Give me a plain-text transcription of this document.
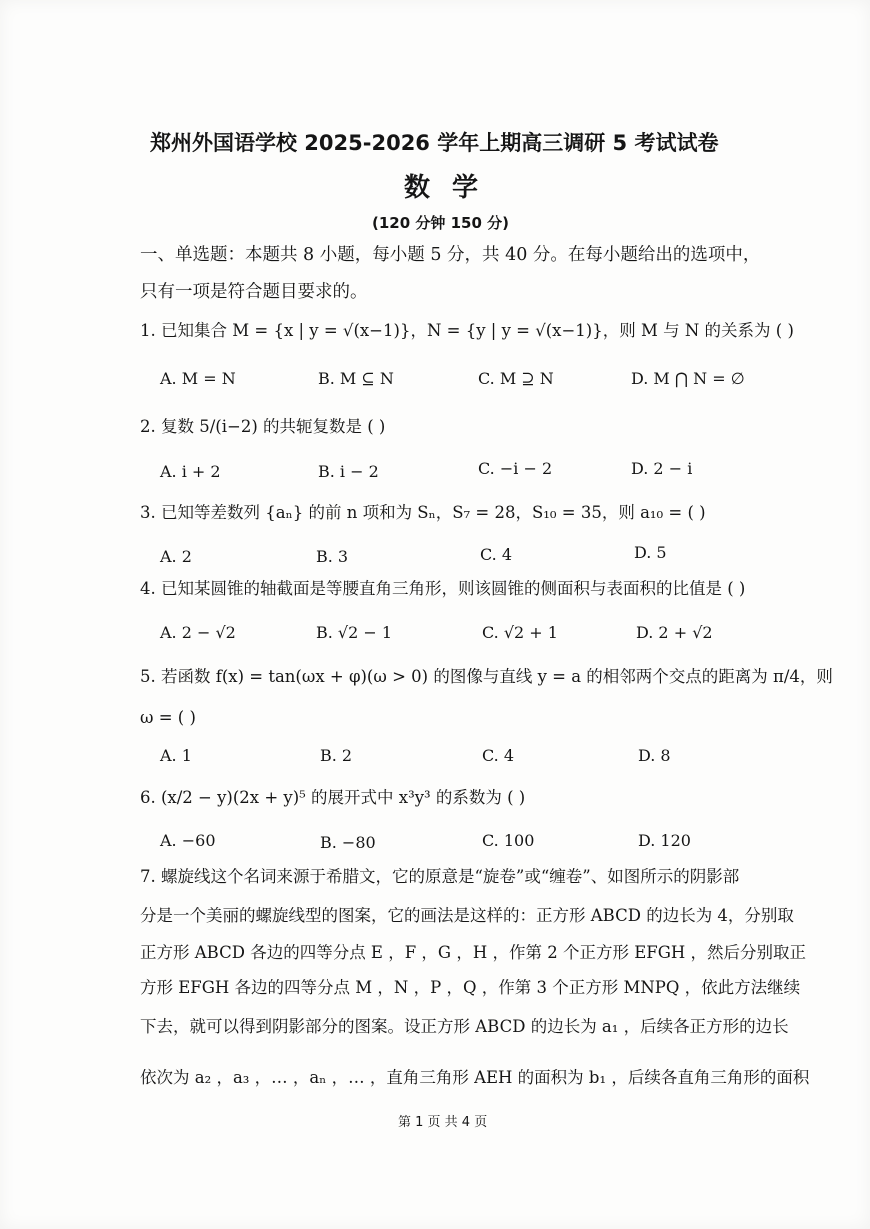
郑州外国语学校 2025-2026 学年上期高三调研 5 考试试卷
数学
(120 分钟 150 分)
一、单选题：本题共 8 小题，每小题 5 分，共 40 分。在每小题给出的选项中，
只有一项是符合题目要求的。
1. 已知集合 M = {x | y = √(x−1)}，N = {y | y = √(x−1)}，则 M 与 N 的关系为 ( )
A. M = N	B. M ⊆ N	C. M ⊇ N	D. M ⋂ N = ∅
2. 复数 5/(i−2) 的共轭复数是 ( )
A. i + 2	B. i − 2	C. −i − 2	D. 2 − i
3. 已知等差数列 {aₙ} 的前 n 项和为 Sₙ，S₇ = 28，S₁₀ = 35，则 a₁₀ = ( )
A. 2	B. 3	C. 4	D. 5
4. 已知某圆锥的轴截面是等腰直角三角形，则该圆锥的侧面积与表面积的比值是 ( )
A. 2 − √2	B. √2 − 1	C. √2 + 1	D. 2 + √2
5. 若函数 f(x) = tan(ωx + φ)(ω > 0) 的图像与直线 y = a 的相邻两个交点的距离为 π/4，则
ω = ( )
A. 1	B. 2	C. 4	D. 8
6. (x/2 − y)(2x + y)⁵ 的展开式中 x³y³ 的系数为 ( )
A. −60	B. −80	C. 100	D. 120
7. 螺旋线这个名词来源于希腊文，它的原意是“旋卷”或“缠卷”、如图所示的阴影部
分是一个美丽的螺旋线型的图案，它的画法是这样的：正方形 ABCD 的边长为 4，分别取
正方形 ABCD 各边的四等分点 E ，F ，G ，H ，作第 2 个正方形 EFGH ，然后分别取正
方形 EFGH 各边的四等分点 M ，N ，P ，Q ，作第 3 个正方形 MNPQ ，依此方法继续
下去，就可以得到阴影部分的图案。设正方形 ABCD 的边长为 a₁ ，后续各正方形的边长
依次为 a₂ ，a₃ ，… ，aₙ ，… ，直角三角形 AEH 的面积为 b₁ ，后续各直角三角形的面积
第 1 页 共 4 页
